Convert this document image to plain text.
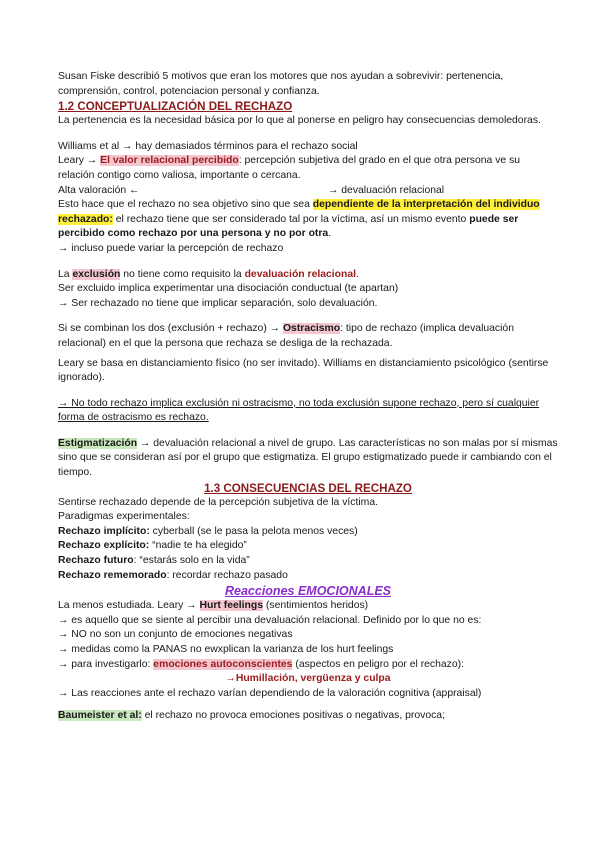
Susan Fiske describió 5 motivos que eran los motores que nos ayudan a sobrevivir: pertenencia, comprensión, control, potenciacion personal y confianza.

1.2 CONCEPTUALIZACIÓN DEL RECHAZO

La pertenencia es la necesidad básica por lo que al ponerse en peligro hay consecuencias demoledoras.

Williams et al → hay demasiados términos para el rechazo social

Leary → El valor relacional percibido: percepción subjetiva del grado en el que otra persona ve su relación contigo como valiosa, importante o cercana.

Alta valoración ←	→ devaluación relacional

Esto hace que el rechazo no sea objetivo sino que sea dependiente de la interpretación del individuo rechazado: el rechazo tiene que ser considerado tal por la víctima, así un mismo evento puede ser percibido como rechazo por una persona y no por otra.

→ incluso puede variar la percepción de rechazo

La exclusión no tiene como requisito la devaluación relacional.

Ser excluido implica experimentar una disociación conductual (te apartan)

→ Ser rechazado no tiene que implicar separación, solo devaluación.

Si se combinan los dos (exclusión + rechazo) → Ostracismo: tipo de rechazo (implica devaluación relacional) en el que la persona que rechaza se desliga de la rechazada.

Leary se basa en distanciamiento físico (no ser invitado). Williams en distanciamiento psicológico (sentirse ignorado).

→ No todo rechazo implica exclusión ni ostracismo, no toda exclusión supone rechazo, pero sí cualquier forma de ostracismo es rechazo.

Estigmatización → devaluación relacional a nivel de grupo. Las características no son malas por sí mismas sino que se consideran así por el grupo que estigmatiza. El grupo estigmatizado puede ir cambiando con el tiempo.

1.3 CONSECUENCIAS DEL RECHAZO

Sentirse rechazado depende de la percepción subjetiva de la víctima.

Paradigmas experimentales:

Rechazo implícito: cyberball (se le pasa la pelota menos veces)

Rechazo explícito: “nadie te ha elegido”

Rechazo futuro: “estarás solo en la vida”

Rechazo rememorado: recordar rechazo pasado

Reacciones EMOCIONALES

La menos estudiada. Leary → Hurt feelings (sentimientos heridos)

→ es aquello que se siente al percibir una devaluación relacional. Definido por lo que no es:

→ NO no son un conjunto de emociones negativas

→ medidas como la PANAS no ewxplican la varianza de los hurt feelings

→ para investigarlo: emociones autoconscientes (aspectos en peligro por el rechazo):

→Humillación, vergüenza y culpa

→ Las reacciones ante el rechazo varían dependiendo de la valoración cognitiva (appraisal)

Baumeister et al: el rechazo no provoca emociones positivas o negativas, provoca;
